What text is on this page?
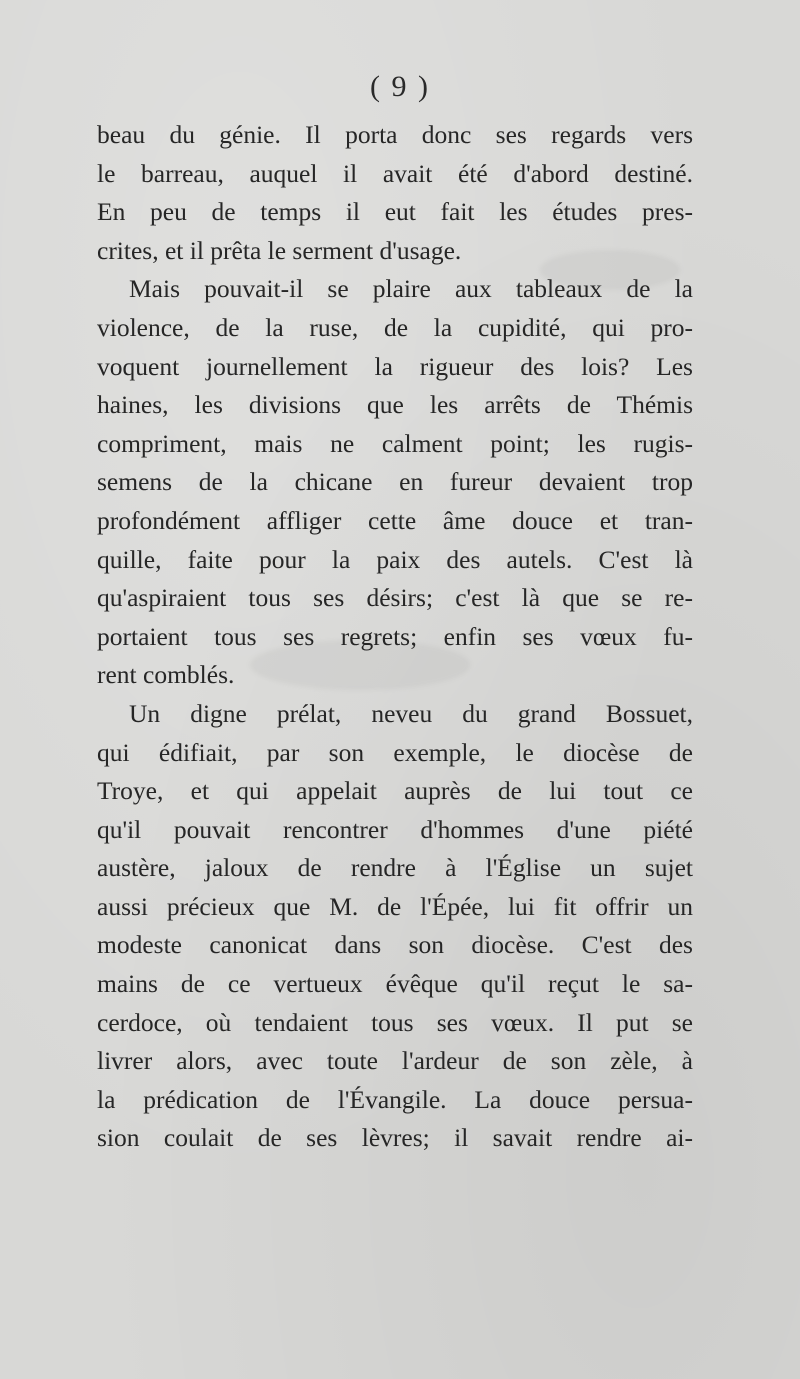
( 9 )
beau du génie. Il porta donc ses regards vers
le barreau, auquel il avait été d'abord destiné.
En peu de temps il eut fait les études pres-
crites, et il prêta le serment d'usage.
Mais pouvait-il se plaire aux tableaux de la
violence, de la ruse, de la cupidité, qui pro-
voquent journellement la rigueur des lois? Les
haines, les divisions que les arrêts de Thémis
compriment, mais ne calment point; les rugis-
semens de la chicane en fureur devaient trop
profondément affliger cette âme douce et tran-
quille, faite pour la paix des autels. C'est là
qu'aspiraient tous ses désirs; c'est là que se re-
portaient tous ses regrets; enfin ses vœux fu-
rent comblés.
Un digne prélat, neveu du grand Bossuet,
qui édifiait, par son exemple, le diocèse de
Troye, et qui appelait auprès de lui tout ce
qu'il pouvait rencontrer d'hommes d'une piété
austère, jaloux de rendre à l'Église un sujet
aussi précieux que M. de l'Épée, lui fit offrir un
modeste canonicat dans son diocèse. C'est des
mains de ce vertueux évêque qu'il reçut le sa-
cerdoce, où tendaient tous ses vœux. Il put se
livrer alors, avec toute l'ardeur de son zèle, à
la prédication de l'Évangile. La douce persua-
sion coulait de ses lèvres; il savait rendre ai-
